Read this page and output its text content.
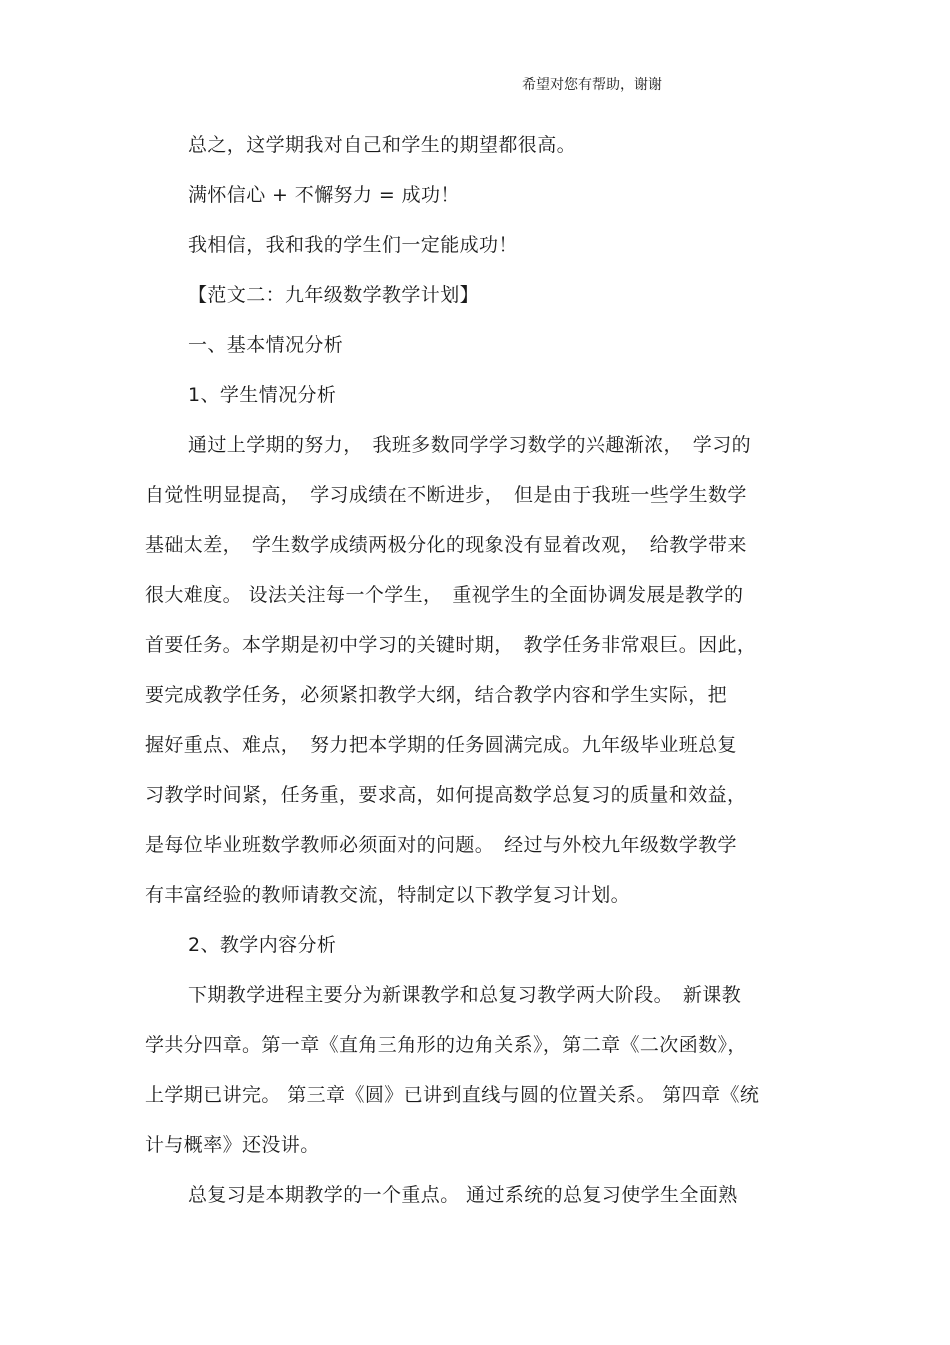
希望对您有帮助，谢谢
总之，这学期我对自己和学生的期望都很高。
满怀信心 + 不懈努力 = 成功！
我相信，我和我的学生们一定能成功！
【范文二：九年级数学教学计划】
一、基本情况分析
1、学生情况分析
通过上学期的努力，　我班多数同学学习数学的兴趣渐浓，　学习的
自觉性明显提高，　学习成绩在不断进步，　但是由于我班一些学生数学
基础太差，　学生数学成绩两极分化的现象没有显着改观，　给教学带来
很大难度。 设法关注每一个学生，　重视学生的全面协调发展是教学的
首要任务。本学期是初中学习的关键时期，　教学任务非常艰巨。因此，
要完成教学任务，必须紧扣教学大纲，结合教学内容和学生实际，把
握好重点、难点，　努力把本学期的任务圆满完成。九年级毕业班总复
习教学时间紧，任务重，要求高，如何提高数学总复习的质量和效益，
是每位毕业班数学教师必须面对的问题。　经过与外校九年级数学教学
有丰富经验的教师请教交流，特制定以下教学复习计划。
2、教学内容分析
下期教学进程主要分为新课教学和总复习教学两大阶段。　新课教
学共分四章。第一章《直角三角形的边角关系》，第二章《二次函数》，
上学期已讲完。 第三章《圆》已讲到直线与圆的位置关系。 第四章《统
计与概率》还没讲。
总复习是本期教学的一个重点。 通过系统的总复习使学生全面熟
